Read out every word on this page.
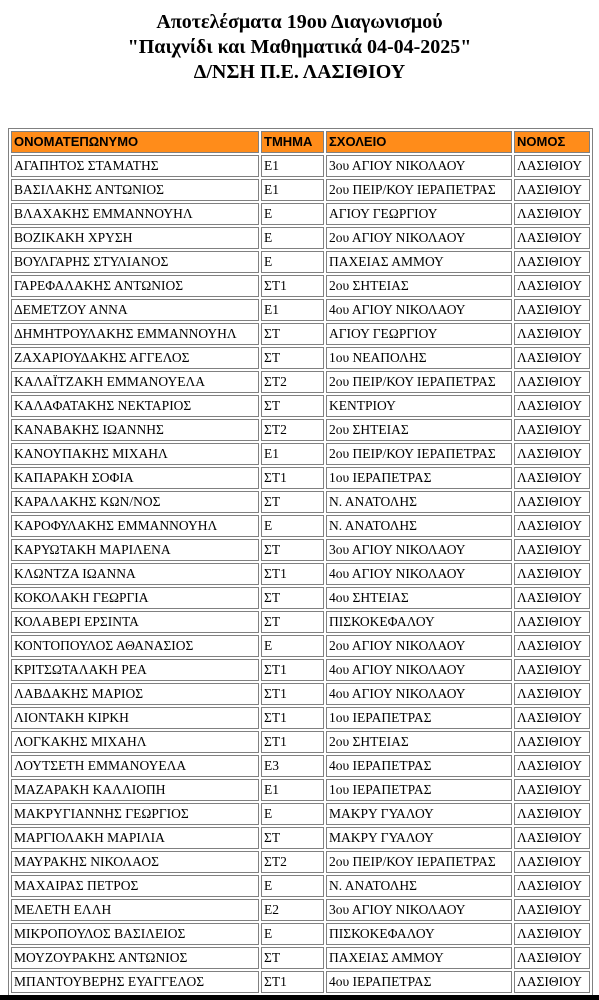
Αποτελέσματα 19ου Διαγωνισμού
"Παιχνίδι και Μαθηματικά 04-04-2025"
Δ/ΝΣΗ Π.Ε. ΛΑΣΙΘΙΟΥ
ΟΝΟΜΑΤΕΠΩΝΥΜΟ	ΤΜΗΜΑ	ΣΧΟΛΕΙΟ	ΝΟΜΟΣ
ΑΓΑΠΗΤΟΣ ΣΤΑΜΑΤΗΣ	Ε1	3ου ΑΓΙΟΥ ΝΙΚΟΛΑΟΥ	ΛΑΣΙΘΙΟΥ
ΒΑΣΙΛΑΚΗΣ ΑΝΤΩΝΙΟΣ	Ε1	2ου ΠΕΙΡ/ΚΟΥ ΙΕΡΑΠΕΤΡΑΣ	ΛΑΣΙΘΙΟΥ
ΒΛΑΧΑΚΗΣ ΕΜΜΑΝΝΟΥΗΛ	Ε	ΑΓΙΟΥ ΓΕΩΡΓΙΟΥ	ΛΑΣΙΘΙΟΥ
ΒΟΖΙΚΑΚΗ ΧΡΥΣΗ	Ε	2ου ΑΓΙΟΥ ΝΙΚΟΛΑΟΥ	ΛΑΣΙΘΙΟΥ
ΒΟΥΛΓΑΡΗΣ ΣΤΥΛΙΑΝΟΣ	Ε	ΠΑΧΕΙΑΣ ΑΜΜΟΥ	ΛΑΣΙΘΙΟΥ
ΓΑΡΕΦΑΛΑΚΗΣ ΑΝΤΩΝΙΟΣ	ΣΤ1	2ου ΣΗΤΕΙΑΣ	ΛΑΣΙΘΙΟΥ
ΔΕΜΕΤΖΟΥ ΑΝΝΑ	Ε1	4ου ΑΓΙΟΥ ΝΙΚΟΛΑΟΥ	ΛΑΣΙΘΙΟΥ
ΔΗΜΗΤΡΟΥΛΑΚΗΣ ΕΜΜΑΝΝΟΥΗΛ	ΣΤ	ΑΓΙΟΥ ΓΕΩΡΓΙΟΥ	ΛΑΣΙΘΙΟΥ
ΖΑΧΑΡΙΟΥΔΑΚΗΣ ΑΓΓΕΛΟΣ	ΣΤ	1ου ΝΕΑΠΟΛΗΣ	ΛΑΣΙΘΙΟΥ
ΚΑΛΑΪΤΖΑΚΗ ΕΜΜΑΝΟΥΕΛΑ	ΣΤ2	2ου ΠΕΙΡ/ΚΟΥ ΙΕΡΑΠΕΤΡΑΣ	ΛΑΣΙΘΙΟΥ
ΚΑΛΑΦΑΤΑΚΗΣ ΝΕΚΤΑΡΙΟΣ	ΣΤ	ΚΕΝΤΡΙΟΥ	ΛΑΣΙΘΙΟΥ
ΚΑΝΑΒΑΚΗΣ ΙΩΑΝΝΗΣ	ΣΤ2	2ου ΣΗΤΕΙΑΣ	ΛΑΣΙΘΙΟΥ
ΚΑΝΟΥΠΑΚΗΣ ΜΙΧΑΗΛ	Ε1	2ου ΠΕΙΡ/ΚΟΥ ΙΕΡΑΠΕΤΡΑΣ	ΛΑΣΙΘΙΟΥ
ΚΑΠΑΡΑΚΗ ΣΟΦΙΑ	ΣΤ1	1ου ΙΕΡΑΠΕΤΡΑΣ	ΛΑΣΙΘΙΟΥ
ΚΑΡΑΛΑΚΗΣ ΚΩΝ/ΝΟΣ	ΣΤ	Ν. ΑΝΑΤΟΛΗΣ	ΛΑΣΙΘΙΟΥ
ΚΑΡΟΦΥΛΑΚΗΣ ΕΜΜΑΝΝΟΥΗΛ	Ε	Ν. ΑΝΑΤΟΛΗΣ	ΛΑΣΙΘΙΟΥ
ΚΑΡΥΩΤΑΚΗ ΜΑΡΙΛΕΝΑ	ΣΤ	3ου ΑΓΙΟΥ ΝΙΚΟΛΑΟΥ	ΛΑΣΙΘΙΟΥ
ΚΛΩΝΤΖΑ ΙΩΑΝΝΑ	ΣΤ1	4ου ΑΓΙΟΥ ΝΙΚΟΛΑΟΥ	ΛΑΣΙΘΙΟΥ
ΚΟΚΟΛΑΚΗ ΓΕΩΡΓΙΑ	ΣΤ	4ου ΣΗΤΕΙΑΣ	ΛΑΣΙΘΙΟΥ
ΚΟΛΑΒΕΡΙ ΕΡΣΙΝΤΑ	ΣΤ	ΠΙΣΚΟΚΕΦΑΛΟΥ	ΛΑΣΙΘΙΟΥ
ΚΟΝΤΟΠΟΥΛΟΣ ΑΘΑΝΑΣΙΟΣ	Ε	2ου ΑΓΙΟΥ ΝΙΚΟΛΑΟΥ	ΛΑΣΙΘΙΟΥ
ΚΡΙΤΣΩΤΑΛΑΚΗ ΡΕΑ	ΣΤ1	4ου ΑΓΙΟΥ ΝΙΚΟΛΑΟΥ	ΛΑΣΙΘΙΟΥ
ΛΑΒΔΑΚΗΣ ΜΑΡΙΟΣ	ΣΤ1	4ου ΑΓΙΟΥ ΝΙΚΟΛΑΟΥ	ΛΑΣΙΘΙΟΥ
ΛΙΟΝΤΑΚΗ ΚΙΡΚΗ	ΣΤ1	1ου ΙΕΡΑΠΕΤΡΑΣ	ΛΑΣΙΘΙΟΥ
ΛΟΓΚΑΚΗΣ ΜΙΧΑΗΛ	ΣΤ1	2ου ΣΗΤΕΙΑΣ	ΛΑΣΙΘΙΟΥ
ΛΟΥΤΣΕΤΗ ΕΜΜΑΝΟΥΕΛΑ	Ε3	4ου ΙΕΡΑΠΕΤΡΑΣ	ΛΑΣΙΘΙΟΥ
ΜΑΖΑΡΑΚΗ ΚΑΛΛΙΟΠΗ	Ε1	1ου ΙΕΡΑΠΕΤΡΑΣ	ΛΑΣΙΘΙΟΥ
ΜΑΚΡΥΓΙΑΝΝΗΣ ΓΕΩΡΓΙΟΣ	Ε	ΜΑΚΡΥ ΓΥΑΛΟΥ	ΛΑΣΙΘΙΟΥ
ΜΑΡΓΙΟΛΑΚΗ ΜΑΡΙΛΙΑ	ΣΤ	ΜΑΚΡΥ ΓΥΑΛΟΥ	ΛΑΣΙΘΙΟΥ
ΜΑΥΡΑΚΗΣ ΝΙΚΟΛΑΟΣ	ΣΤ2	2ου ΠΕΙΡ/ΚΟΥ ΙΕΡΑΠΕΤΡΑΣ	ΛΑΣΙΘΙΟΥ
ΜΑΧΑΙΡΑΣ ΠΕΤΡΟΣ	Ε	Ν. ΑΝΑΤΟΛΗΣ	ΛΑΣΙΘΙΟΥ
ΜΕΛΕΤΗ ΕΛΛΗ	Ε2	3ου ΑΓΙΟΥ ΝΙΚΟΛΑΟΥ	ΛΑΣΙΘΙΟΥ
ΜΙΚΡΟΠΟΥΛΟΣ ΒΑΣΙΛΕΙΟΣ	Ε	ΠΙΣΚΟΚΕΦΑΛΟΥ	ΛΑΣΙΘΙΟΥ
ΜΟΥΖΟΥΡΑΚΗΣ ΑΝΤΩΝΙΟΣ	ΣΤ	ΠΑΧΕΙΑΣ ΑΜΜΟΥ	ΛΑΣΙΘΙΟΥ
ΜΠΑΝΤΟΥΒΕΡΗΣ ΕΥΑΓΓΕΛΟΣ	ΣΤ1	4ου ΙΕΡΑΠΕΤΡΑΣ	ΛΑΣΙΘΙΟΥ
